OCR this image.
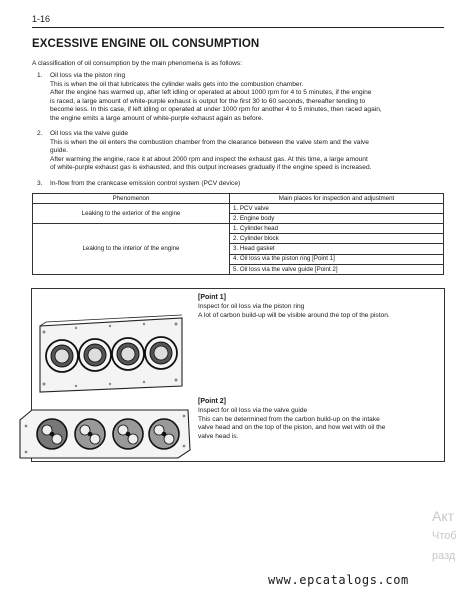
1-16
EXCESSIVE ENGINE OIL CONSUMPTION
A classification of oil consumption by the main phenomena is as follows:
1. Oil loss via the piston ring
This is when the oil that lubricates the cylinder walls gets into the combustion chamber.
After the engine has warmed up, after left idling or operated at about 1000 rpm for 4 to 5 minutes, if the engine
is raced, a large amount of white-purple exhaust is output for the first 30 to 60 seconds, thereafter tending to
become less. In this case, if left idling or operated at under 1000 rpm for another 4 to 5 minutes, then raced again,
the engine emits a large amount of white-purple exhaust again as before.
2. Oil loss via the valve guide
This is when the oil enters the combustion chamber from the clearance between the valve stem and the valve
guide.
After warming the engine, race it at about 2000 rpm and inspect the exhaust gas. At this time, a large amount
of white-purple exhaust gas is exhausted, and this output increases gradually if the engine speed is increased.
3. In-flow from the crankcase emission control system (PCV device)
Phenomenon	Main places for inspection and adjustment
Leaking to the exterior of the engine	1. PCV valve
	2. Engine body
Leaking to the interior of the engine	1. Cylinder head
	2. Cylinder block
	3. Head gasket
	4. Oil loss via the piston ring [Point 1]
	5. Oil loss via the valve guide [Point 2]
[Point 1]
Inspect for oil loss via the piston ring
A lot of carbon build-up will be visible around the top of the piston.
[Point 2]
Inspect for oil loss via the valve guide
This can be determined from the carbon build-up on the intake
valve head and on the top of the piston, and how wet with oil the
valve head is.
Акт
Чтоб
разд
www.epcatalogs.com
